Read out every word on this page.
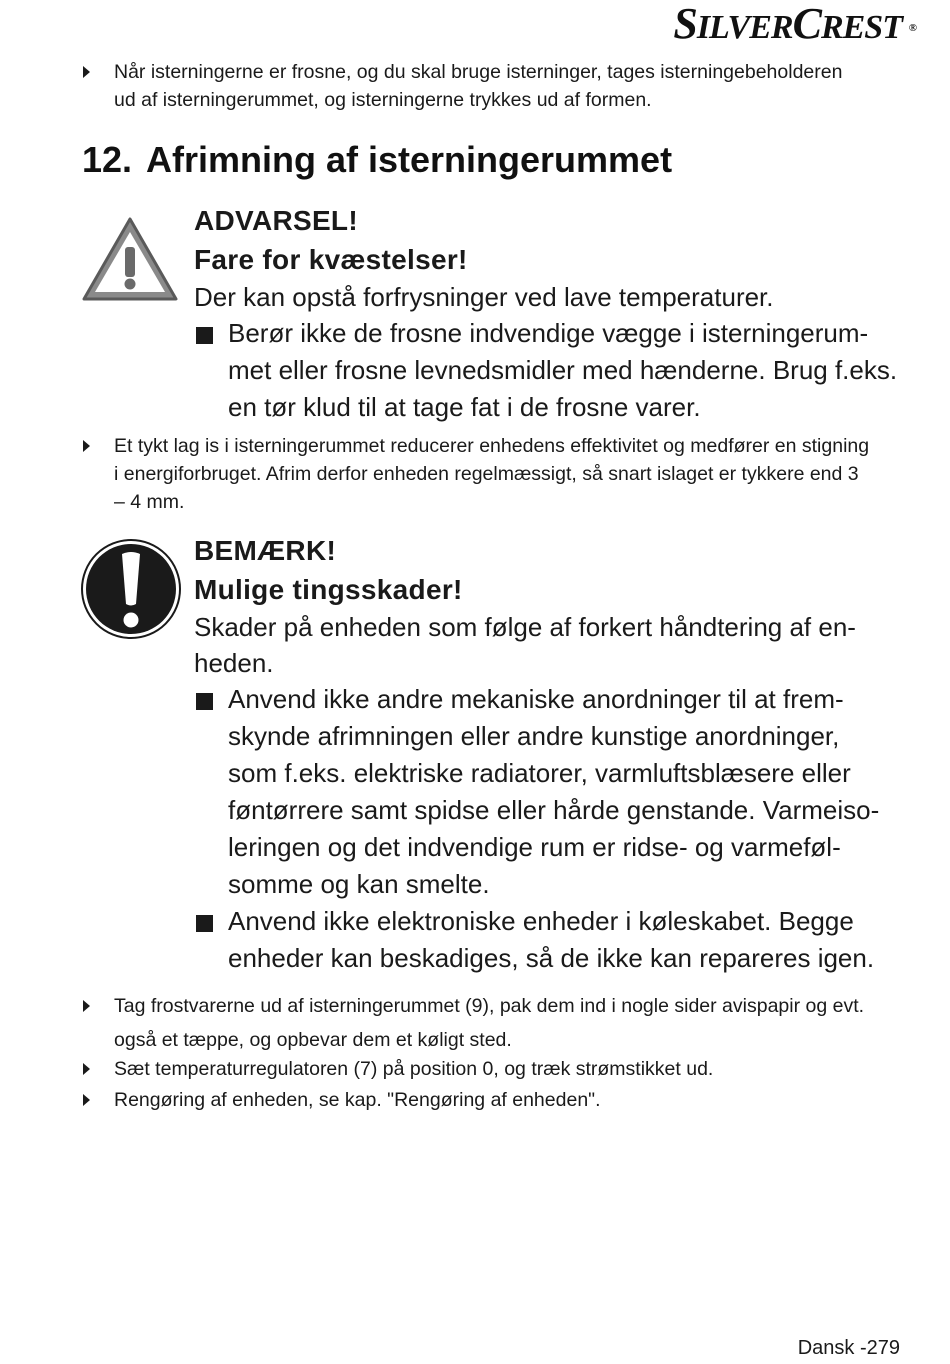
SILVERCREST ®
Når isterningerne er frosne, og du skal bruge isterninger, tages isterningebeholderen
ud af isterningerummet, og isterningerne trykkes ud af formen.
12. Afrimning af isterningerummet
ADVARSEL!
Fare for kvæstelser!
Der kan opstå forfrysninger ved lave temperaturer.
Berør ikke de frosne indvendige vægge i isterningerum-
met eller frosne levnedsmidler med hænderne. Brug f.eks.
en tør klud til at tage fat i de frosne varer.
Et tykt lag is i isterningerummet reducerer enhedens effektivitet og medfører en stigning
i energiforbruget. Afrim derfor enheden regelmæssigt, så snart islaget er tykkere end 3
– 4 mm.
BEMÆRK!
Mulige tingsskader!
Skader på enheden som følge af forkert håndtering af en-
heden.
Anvend ikke andre mekaniske anordninger til at frem-
skynde afrimningen eller andre kunstige anordninger,
som f.eks. elektriske radiatorer, varmluftsblæsere eller
føntørrere samt spidse eller hårde genstande. Varmeiso-
leringen og det indvendige rum er ridse- og varmeføl-
somme og kan smelte.
Anvend ikke elektroniske enheder i køleskabet. Begge
enheder kan beskadiges, så de ikke kan repareres igen.
Tag frostvarerne ud af isterningerummet (9), pak dem ind i nogle sider avispapir og evt.
også et tæppe, og opbevar dem et køligt sted.
Sæt temperaturregulatoren (7) på position 0, og træk strømstikket ud.
Rengøring af enheden, se kap. "Rengøring af enheden".
Dansk -279
